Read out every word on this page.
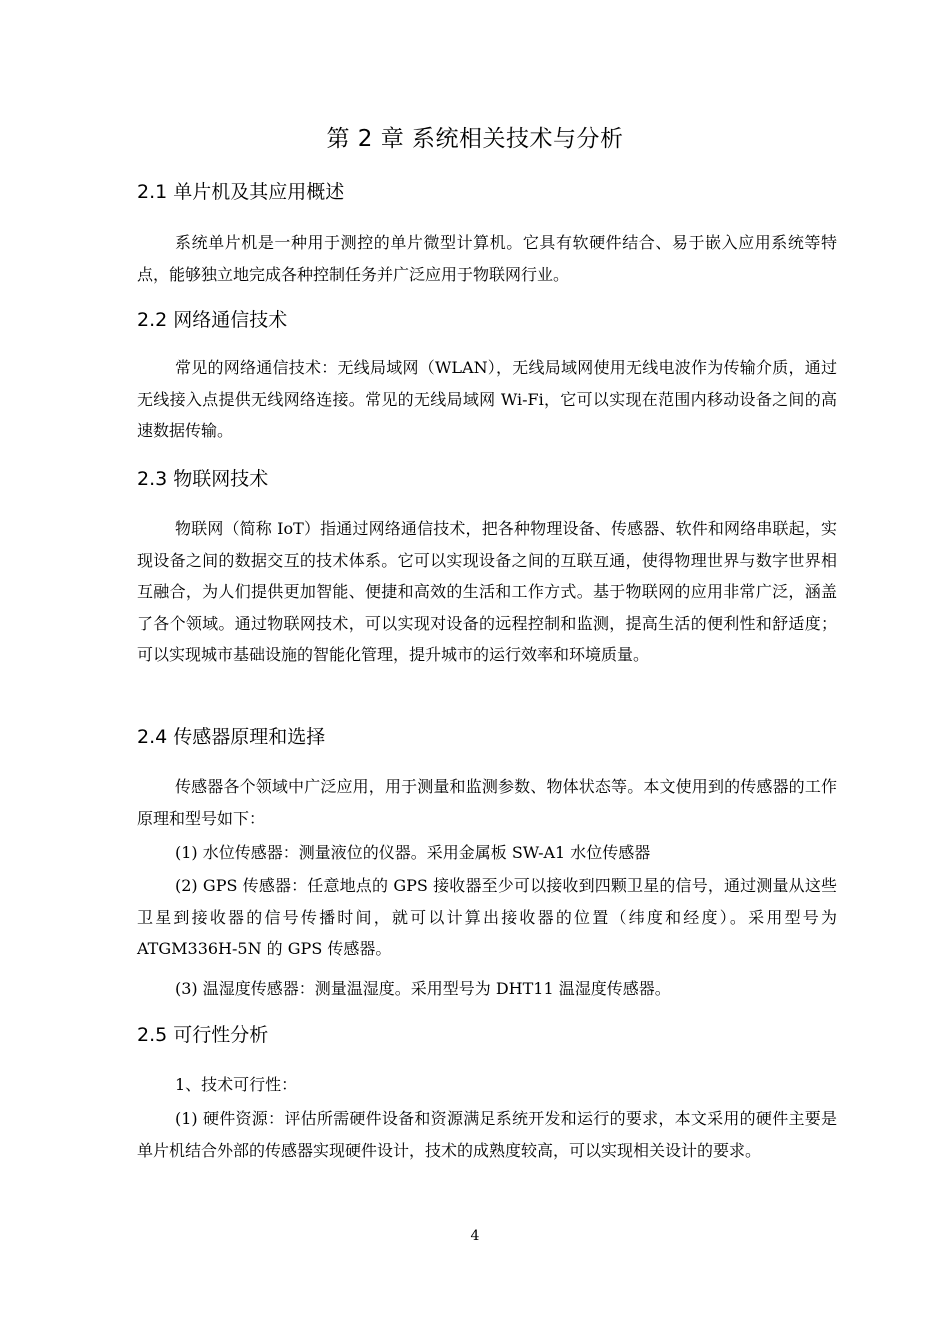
第 2 章 系统相关技术与分析
2.1 单片机及其应用概述

系统单片机是一种用于测控的单片微型计算机。它具有软硬件结合、易于嵌入应用系统等特点，能够独立地完成各种控制任务并广泛应用于物联网行业。

2.2 网络通信技术

常见的网络通信技术：无线局域网（WLAN），无线局域网使用无线电波作为传输介质，通过无线接入点提供无线网络连接。常见的无线局域网 Wi-Fi，它可以实现在范围内移动设备之间的高速数据传输。

2.3 物联网技术

物联网（简称 IoT）指通过网络通信技术，把各种物理设备、传感器、软件和网络串联起，实现设备之间的数据交互的技术体系。它可以实现设备之间的互联互通，使得物理世界与数字世界相互融合，为人们提供更加智能、便捷和高效的生活和工作方式。基于物联网的应用非常广泛，涵盖了各个领域。通过物联网技术，可以实现对设备的远程控制和监测，提高生活的便利性和舒适度；可以实现城市基础设施的智能化管理，提升城市的运行效率和环境质量。

2.4 传感器原理和选择

传感器各个领域中广泛应用，用于测量和监测参数、物体状态等。本文使用到的传感器的工作原理和型号如下：

(1) 水位传感器：测量液位的仪器。采用金属板 SW-A1 水位传感器

(2) GPS 传感器：任意地点的 GPS 接收器至少可以接收到四颗卫星的信号，通过测量从这些卫星到接收器的信号传播时间，就可以计算出接收器的位置（纬度和经度）。采用型号为 ATGM336H-5N 的 GPS 传感器。

(3) 温湿度传感器：测量温湿度。采用型号为 DHT11 温湿度传感器。

2.5 可行性分析

1、技术可行性：

(1) 硬件资源：评估所需硬件设备和资源满足系统开发和运行的要求，本文采用的硬件主要是单片机结合外部的传感器实现硬件设计，技术的成熟度较高，可以实现相关设计的要求。

4
